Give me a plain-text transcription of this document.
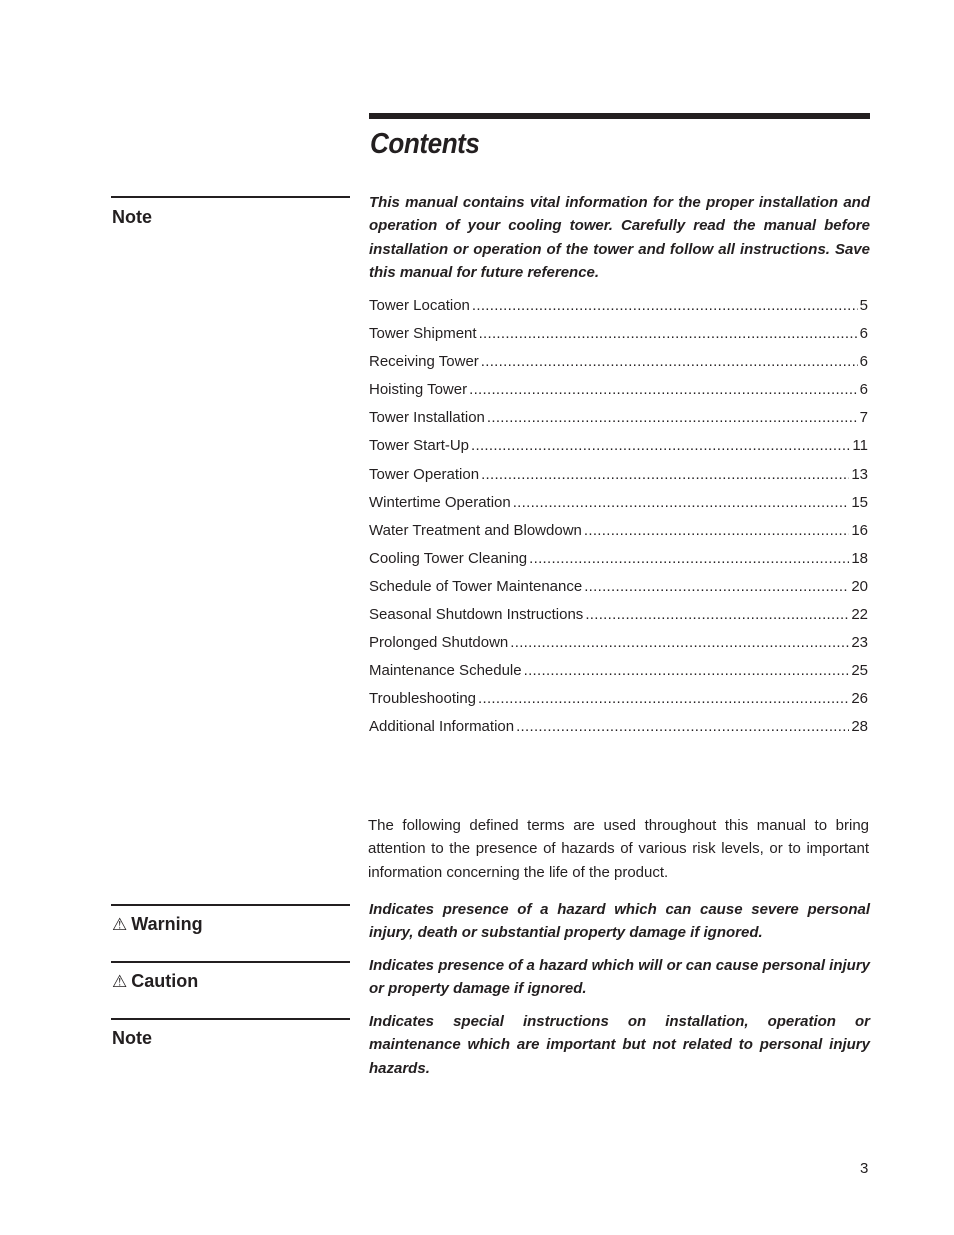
Contents
Note

This manual contains vital information for the proper installation and operation of your cooling tower. Carefully read the manual before installation or operation of the tower and follow all instructions. Save this manual for future reference.

Tower Location .....	5
Tower Shipment .....	6
Receiving Tower .....	6
Hoisting Tower .....	6
Tower Installation .....	7
Tower Start-Up .....	11
Tower Operation .....	13
Wintertime Operation .....	15
Water Treatment and Blowdown .....	16
Cooling Tower Cleaning .....	18
Schedule of Tower Maintenance .....	20
Seasonal Shutdown Instructions .....	22
Prolonged Shutdown .....	23
Maintenance Schedule .....	25
Troubleshooting .....	26
Additional Information .....	28

The following defined terms are used throughout this manual to bring attention to the presence of hazards of various risk levels, or to important information concerning the life of the product.

⚠ Warning

Indicates presence of a hazard which can cause severe personal injury, death or substantial property damage if ignored.

⚠ Caution

Indicates presence of a hazard which will or can cause personal injury or property damage if ignored.

Note

Indicates special instructions on installation, operation or maintenance which are important but not related to personal injury hazards.

3
